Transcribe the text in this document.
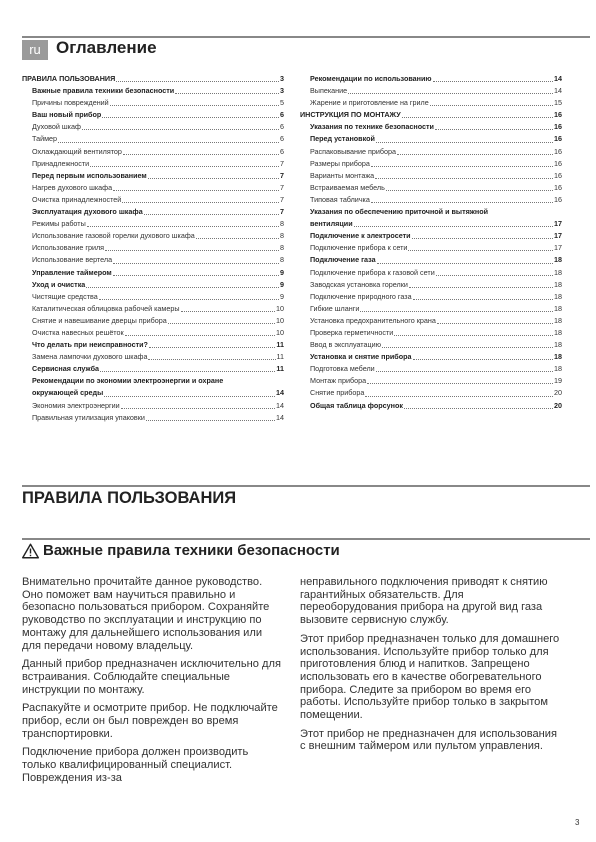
ru Оглавление
ПРАВИЛА ПОЛЬЗОВАНИЯ	3
Важные правила техники безопасности	3
Причины повреждений	5
Ваш новый прибор	6
Духовой шкаф	6
Таймер	6
Охлаждающий вентилятор	6
Принадлежности	7
Перед первым использованием	7
Нагрев духового шкафа	7
Очистка принадлежностей	7
Эксплуатация духового шкафа	7
Режимы работы	8
Использование газовой горелки духового шкафа	8
Использование гриля	8
Использование вертела	8
Управление таймером	9
Уход и очистка	9
Чистящие средства	9
Каталитическая облицовка рабочей камеры	10
Снятие и навешивание дверцы прибора	10
Очистка навесных решёток	10
Что делать при неисправности?	11
Замена лампочки духового шкафа	11
Сервисная служба	11
Рекомендации по экономии электроэнергии и охране
окружающей среды	14
Экономия электроэнергии	14
Правильная утилизация упаковки	14
Рекомендации по использованию	14
Выпекание	14
Жарение и приготовление на гриле	15
ИНСТРУКЦИЯ ПО МОНТАЖУ	16
Указания по технике безопасности	16
Перед установкой	16
Распаковывание прибора	16
Размеры прибора	16
Варианты монтажа	16
Встраиваемая мебель	16
Типовая табличка	16
Указания по обеспечению приточной и вытяжной
вентиляции	17
Подключение к электросети	17
Подключение прибора к сети	17
Подключение газа	18
Подключение прибора к газовой сети	18
Заводская установка горелки	18
Подключение природного газа	18
Гибкие шланги	18
Установка предохранительного крана	18
Проверка герметичности	18
Ввод в эксплуатацию	18
Установка и снятие прибора	18
Подготовка мебели	18
Монтаж прибора	19
Снятие прибора	20
Общая таблица форсунок	20
ПРАВИЛА ПОЛЬЗОВАНИЯ
Важные правила техники безопасности

Внимательно прочитайте данное руководство. Оно поможет вам научиться правильно и безопасно пользоваться прибором. Сохраняйте руководство по эксплуатации и инструкцию по монтажу для дальнейшего использования или для передачи новому владельцу.

Данный прибор предназначен исключительно для встраивания. Соблюдайте специальные инструкции по монтажу.

Распакуйте и осмотрите прибор. Не подключайте прибор, если он был поврежден во время транспортировки.

Подключение прибора должен производить только квалифицированный специалист. Повреждения из-за

неправильного подключения приводят к снятию гарантийных обязательств. Для переоборудования прибора на другой вид газа вызовите сервисную службу.

Этот прибор предназначен только для домашнего использования. Используйте прибор только для приготовления блюд и напитков. Запрещено использовать его в качестве обогревательного прибора. Следите за прибором во время его работы. Используйте прибор только в закрытом помещении.

Этот прибор не предназначен для использования с внешним таймером или пультом управления.

3
